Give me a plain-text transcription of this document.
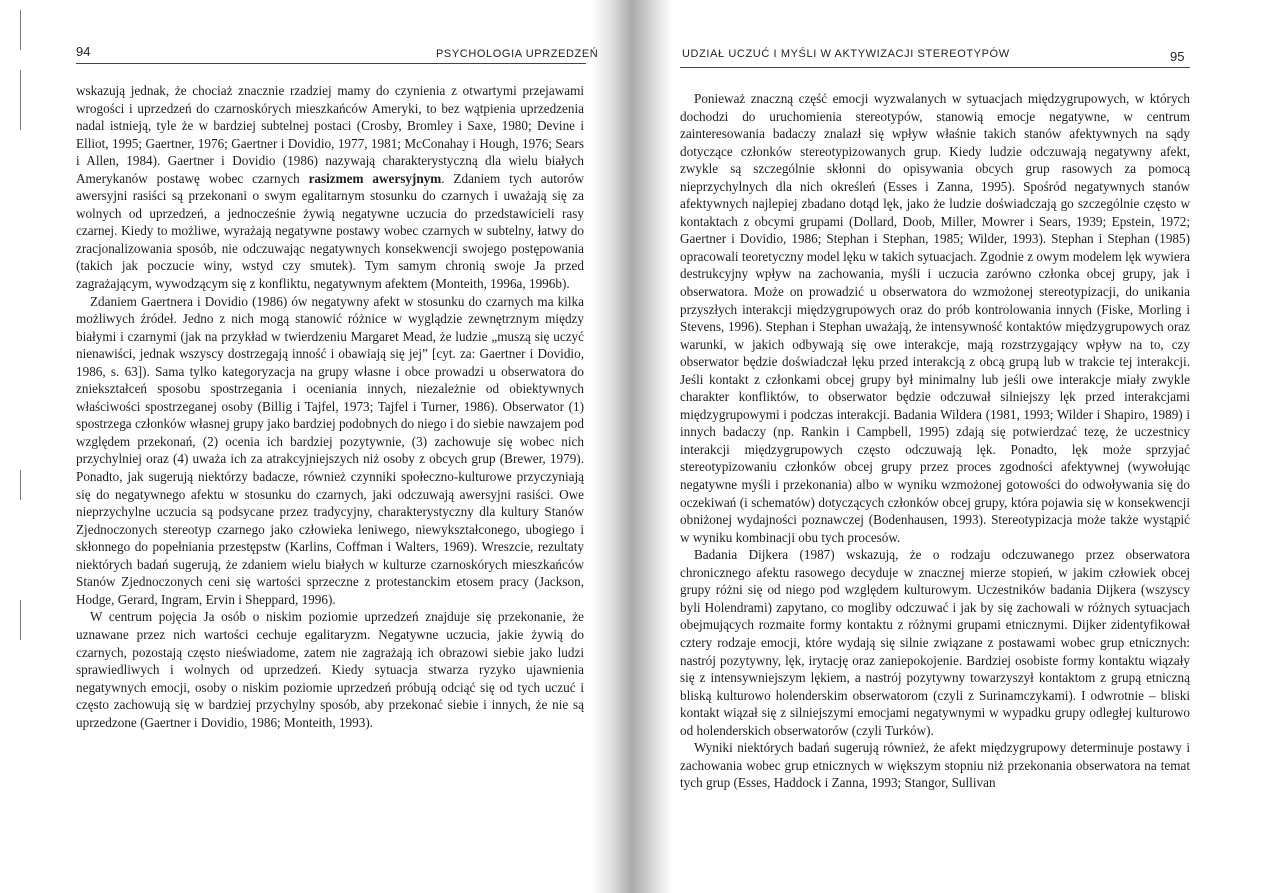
94	PSYCHOLOGIA UPRZEDZEŃ

wskazują jednak, że chociaż znacznie rzadziej mamy do czynienia z otwartymi przejawami wrogości i uprzedzeń do czarnoskórych mieszkańców Ameryki, to bez wątpienia uprzedzenia nadal istnieją, tyle że w bardziej subtelnej postaci (Crosby, Bromley i Saxe, 1980; Devine i Elliot, 1995; Gaertner, 1976; Gaertner i Dovidio, 1977, 1981; McConahay i Hough, 1976; Sears i Allen, 1984). Gaertner i Dovidio (1986) nazywają charakterystyczną dla wielu białych Amerykanów postawę wobec czarnych rasizmem awersyjnym. Zdaniem tych autorów awersyjni rasiści są przekonani o swym egalitarnym stosunku do czarnych i uważają się za wolnych od uprzedzeń, a jednocześnie żywią negatywne uczucia do przedstawicieli rasy czarnej. Kiedy to możliwe, wyrażają negatywne postawy wobec czarnych w subtelny, łatwy do zracjonalizowania sposób, nie odczuwając negatywnych konsekwencji swojego postępowania (takich jak poczucie winy, wstyd czy smutek). Tym samym chronią swoje Ja przed zagrażającym, wywodzącym się z konfliktu, negatywnym afektem (Monteith, 1996a, 1996b).

Zdaniem Gaertnera i Dovidio (1986) ów negatywny afekt w stosunku do czarnych ma kilka możliwych źródeł. Jedno z nich mogą stanowić różnice w wyglądzie zewnętrznym między białymi i czarnymi (jak na przykład w twierdzeniu Margaret Mead, że ludzie „muszą się uczyć nienawiści, jednak wszyscy dostrzegają inność i obawiają się jej” [cyt. za: Gaertner i Dovidio, 1986, s. 63]). Sama tylko kategoryzacja na grupy własne i obce prowadzi u obserwatora do zniekształceń sposobu spostrzegania i oceniania innych, niezależnie od obiektywnych właściwości spostrzeganej osoby (Billig i Tajfel, 1973; Tajfel i Turner, 1986). Obserwator (1) spostrzega członków własnej grupy jako bardziej podobnych do niego i do siebie nawzajem pod względem przekonań, (2) ocenia ich bardziej pozytywnie, (3) zachowuje się wobec nich przychylniej oraz (4) uważa ich za atrakcyjniejszych niż osoby z obcych grup (Brewer, 1979). Ponadto, jak sugerują niektórzy badacze, również czynniki społeczno-kulturowe przyczyniają się do negatywnego afektu w stosunku do czarnych, jaki odczuwają awersyjni rasiści. Owe nieprzychylne uczucia są podsycane przez tradycyjny, charakterystyczny dla kultury Stanów Zjednoczonych stereotyp czarnego jako człowieka leniwego, niewykształconego, ubogiego i skłonnego do popełniania przestępstw (Karlins, Coffman i Walters, 1969). Wreszcie, rezultaty niektórych badań sugerują, że zdaniem wielu białych w kulturze czarnoskórych mieszkańców Stanów Zjednoczonych ceni się wartości sprzeczne z protestanckim etosem pracy (Jackson, Hodge, Gerard, Ingram, Ervin i Sheppard, 1996).

W centrum pojęcia Ja osób o niskim poziomie uprzedzeń znajduje się przekonanie, że uznawane przez nich wartości cechuje egalitaryzm. Negatywne uczucia, jakie żywią do czarnych, pozostają często nieświadome, zatem nie zagrażają ich obrazowi siebie jako ludzi sprawiedliwych i wolnych od uprzedzeń. Kiedy sytuacja stwarza ryzyko ujawnienia negatywnych emocji, osoby o niskim poziomie uprzedzeń próbują odciąć się od tych uczuć i często zachowują się w bardziej przychylny sposób, aby przekonać siebie i innych, że nie są uprzedzone (Gaertner i Dovidio, 1986; Monteith, 1993).

UDZIAŁ UCZUĆ I MYŚLI W AKTYWIZACJI STEREOTYPÓW	95

Ponieważ znaczną część emocji wyzwalanych w sytuacjach międzygrupowych, w których dochodzi do uruchomienia stereotypów, stanowią emocje negatywne, w centrum zainteresowania badaczy znalazł się wpływ właśnie takich stanów afektywnych na sądy dotyczące członków stereotypizowanych grup. Kiedy ludzie odczuwają negatywny afekt, zwykle są szczególnie skłonni do opisywania obcych grup rasowych za pomocą nieprzychylnych dla nich określeń (Esses i Zanna, 1995). Spośród negatywnych stanów afektywnych najlepiej zbadano dotąd lęk, jako że ludzie doświadczają go szczególnie często w kontaktach z obcymi grupami (Dollard, Doob, Miller, Mowrer i Sears, 1939; Epstein, 1972; Gaertner i Dovidio, 1986; Stephan i Stephan, 1985; Wilder, 1993). Stephan i Stephan (1985) opracowali teoretyczny model lęku w takich sytuacjach. Zgodnie z owym modelem lęk wywiera destrukcyjny wpływ na zachowania, myśli i uczucia zarówno członka obcej grupy, jak i obserwatora. Może on prowadzić u obserwatora do wzmożonej stereotypizacji, do unikania przyszłych interakcji międzygrupowych oraz do prób kontrolowania innych (Fiske, Morling i Stevens, 1996). Stephan i Stephan uważają, że intensywność kontaktów międzygrupowych oraz warunki, w jakich odbywają się owe interakcje, mają rozstrzygający wpływ na to, czy obserwator będzie doświadczał lęku przed interakcją z obcą grupą lub w trakcie tej interakcji. Jeśli kontakt z członkami obcej grupy był minimalny lub jeśli owe interakcje miały zwykle charakter konfliktów, to obserwator będzie odczuwał silniejszy lęk przed interakcjami międzygrupowymi i podczas interakcji. Badania Wildera (1981, 1993; Wilder i Shapiro, 1989) i innych badaczy (np. Rankin i Campbell, 1995) zdają się potwierdzać tezę, że uczestnicy interakcji międzygrupowych często odczuwają lęk. Ponadto, lęk może sprzyjać stereotypizowaniu członków obcej grupy przez proces zgodności afektywnej (wywołując negatywne myśli i przekonania) albo w wyniku wzmożonej gotowości do odwoływania się do oczekiwań (i schematów) dotyczących członków obcej grupy, która pojawia się w konsekwencji obniżonej wydajności poznawczej (Bodenhausen, 1993). Stereotypizacja może także wystąpić w wyniku kombinacji obu tych procesów.

Badania Dijkera (1987) wskazują, że o rodzaju odczuwanego przez obserwatora chronicznego afektu rasowego decyduje w znacznej mierze stopień, w jakim człowiek obcej grupy różni się od niego pod względem kulturowym. Uczestników badania Dijkera (wszyscy byli Holendrami) zapytano, co mogliby odczuwać i jak by się zachowali w różnych sytuacjach obejmujących rozmaite formy kontaktu z różnymi grupami etnicznymi. Dijker zidentyfikował cztery rodzaje emocji, które wydają się silnie związane z postawami wobec grup etnicznych: nastrój pozytywny, lęk, irytację oraz zaniepokojenie. Bardziej osobiste formy kontaktu wiązały się z intensywniejszym lękiem, a nastrój pozytywny towarzyszył kontaktom z grupą etniczną bliską kulturowo holenderskim obserwatorom (czyli z Surinamczykami). I odwrotnie – bliski kontakt wiązał się z silniejszymi emocjami negatywnymi w wypadku grupy odległej kulturowo od holenderskich obserwatorów (czyli Turków).

Wyniki niektórych badań sugerują również, że afekt międzygrupowy determinuje postawy i zachowania wobec grup etnicznych w większym stopniu niż przekonania obserwatora na temat tych grup (Esses, Haddock i Zanna, 1993; Stangor, Sullivan
